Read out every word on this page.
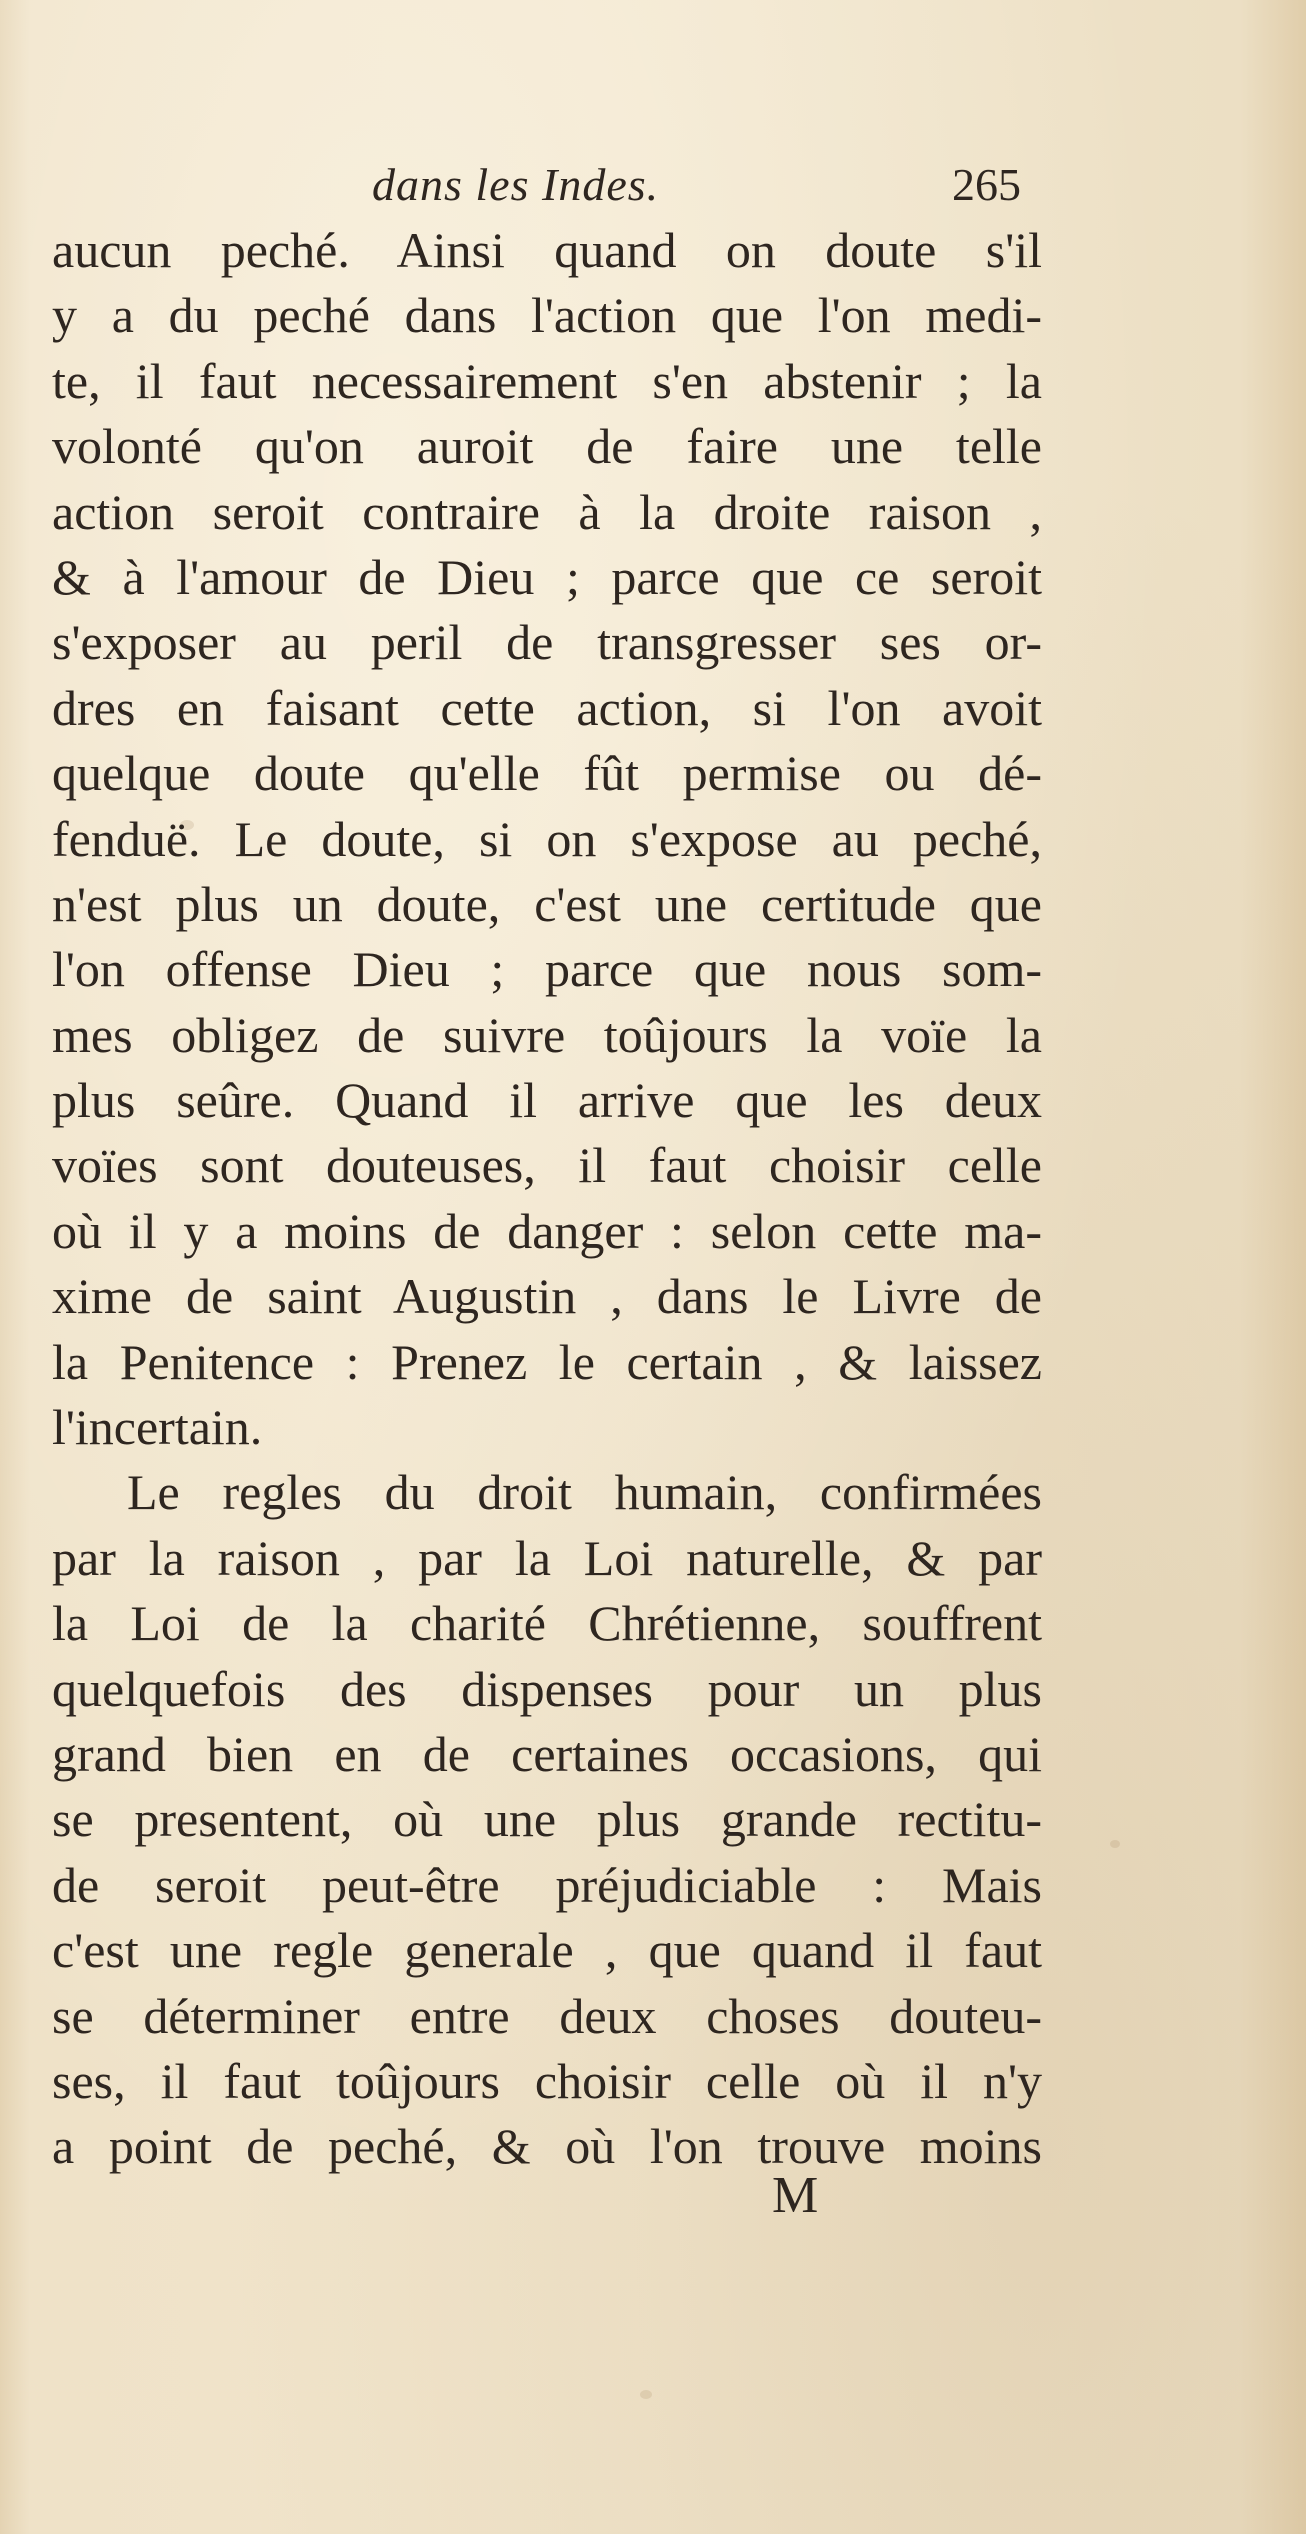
dans les Indes.	265
aucun peché. Ainsi quand on doute s'il
y a du peché dans l'action que l'on medi-
te, il faut necessairement s'en abstenir ; la
volonté qu'on auroit de faire une telle
action seroit contraire à la droite raison ,
& à l'amour de Dieu ; parce que ce seroit
s'exposer au peril de transgresser ses or-
dres en faisant cette action, si l'on avoit
quelque doute qu'elle fût permise ou dé-
fenduë. Le doute, si on s'expose au peché,
n'est plus un doute, c'est une certitude que
l'on offense Dieu ; parce que nous som-
mes obligez de suivre toûjours la voïe la
plus seûre. Quand il arrive que les deux
voïes sont douteuses, il faut choisir celle
où il y a moins de danger : selon cette ma-
xime de saint Augustin , dans le Livre de
la Penitence : Prenez le certain , & laissez
l'incertain.
Le regles du droit humain, confirmées
par la raison , par la Loi naturelle, & par
la Loi de la charité Chrétienne, souffrent
quelquefois des dispenses pour un plus
grand bien en de certaines occasions, qui
se presentent, où une plus grande rectitu-
de seroit peut-être préjudiciable : Mais
c'est une regle generale , que quand il faut
se déterminer entre deux choses douteu-
ses, il faut toûjours choisir celle où il n'y
a point de peché, & où l'on trouve moins
M
